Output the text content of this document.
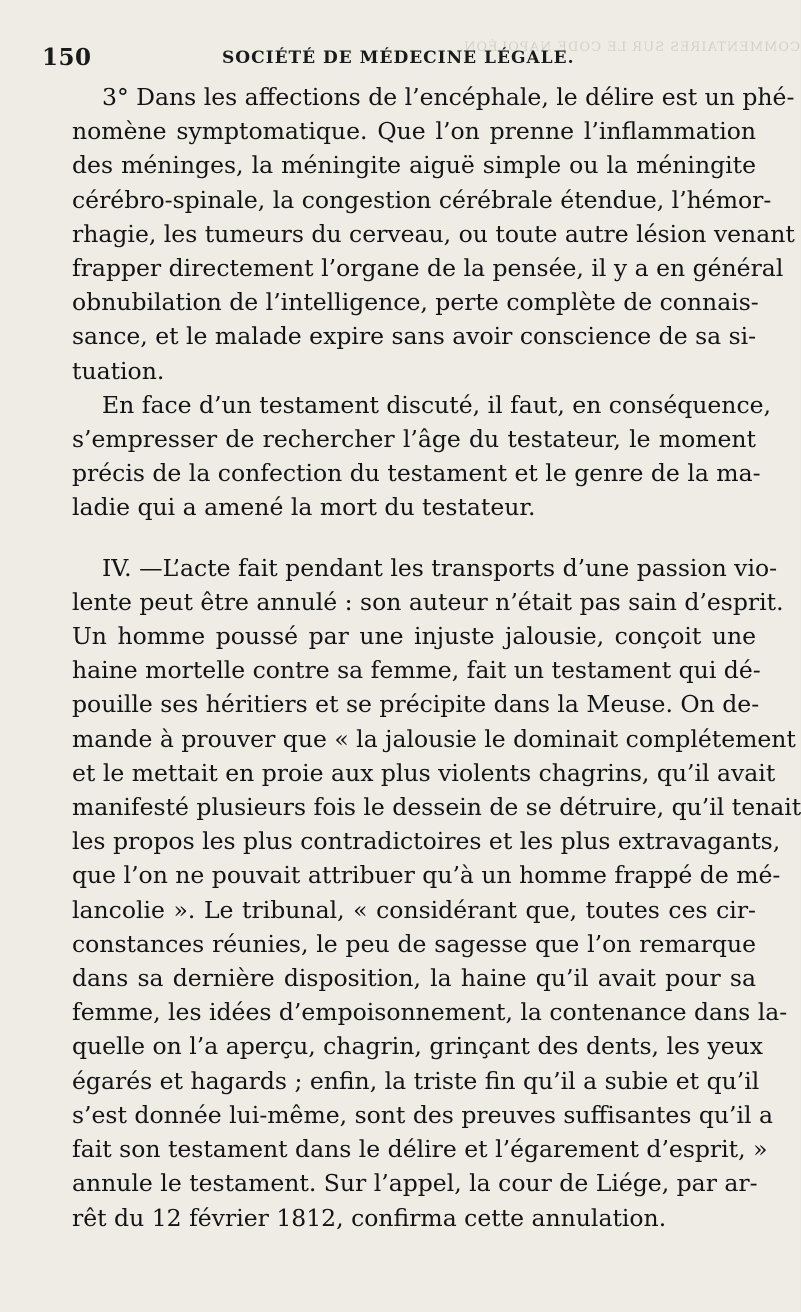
COMMENTAIRES SUR LE CODE NAPOLÉON.
150	SOCIÉTÉ DE MÉDECINE LÉGALE.
3° Dans les affections de l’encéphale, le délire est un phé-
nomène symptomatique. Que l’on prenne l’inflammation
des méninges, la méningite aiguë simple ou la méningite
cérébro-spinale, la congestion cérébrale étendue, l’hémor-
rhagie, les tumeurs du cerveau, ou toute autre lésion venant
frapper directement l’organe de la pensée, il y a en général
obnubilation de l’intelligence, perte complète de connais-
sance, et le malade expire sans avoir conscience de sa si-
tuation.
En face d’un testament discuté, il faut, en conséquence,
s’empresser de rechercher l’âge du testateur, le moment
précis de la confection du testament et le genre de la ma-
ladie qui a amené la mort du testateur.
IV. —L’acte fait pendant les transports d’une passion vio-
lente peut être annulé : son auteur n’était pas sain d’esprit.
Un homme poussé par une injuste jalousie, conçoit une
haine mortelle contre sa femme, fait un testament qui dé-
pouille ses héritiers et se précipite dans la Meuse. On de-
mande à prouver que « la jalousie le dominait complétement
et le mettait en proie aux plus violents chagrins, qu’il avait
manifesté plusieurs fois le dessein de se détruire, qu’il tenait
les propos les plus contradictoires et les plus extravagants,
que l’on ne pouvait attribuer qu’à un homme frappé de mé-
lancolie ». Le tribunal, « considérant que, toutes ces cir-
constances réunies, le peu de sagesse que l’on remarque
dans sa dernière disposition, la haine qu’il avait pour sa
femme, les idées d’empoisonnement, la contenance dans la-
quelle on l’a aperçu, chagrin, grinçant des dents, les yeux
égarés et hagards ; enfin, la triste fin qu’il a subie et qu’il
s’est donnée lui-même, sont des preuves suffisantes qu’il a
fait son testament dans le délire et l’égarement d’esprit, »
annule le testament. Sur l’appel, la cour de Liége, par ar-
rêt du 12 février 1812, confirma cette annulation.
